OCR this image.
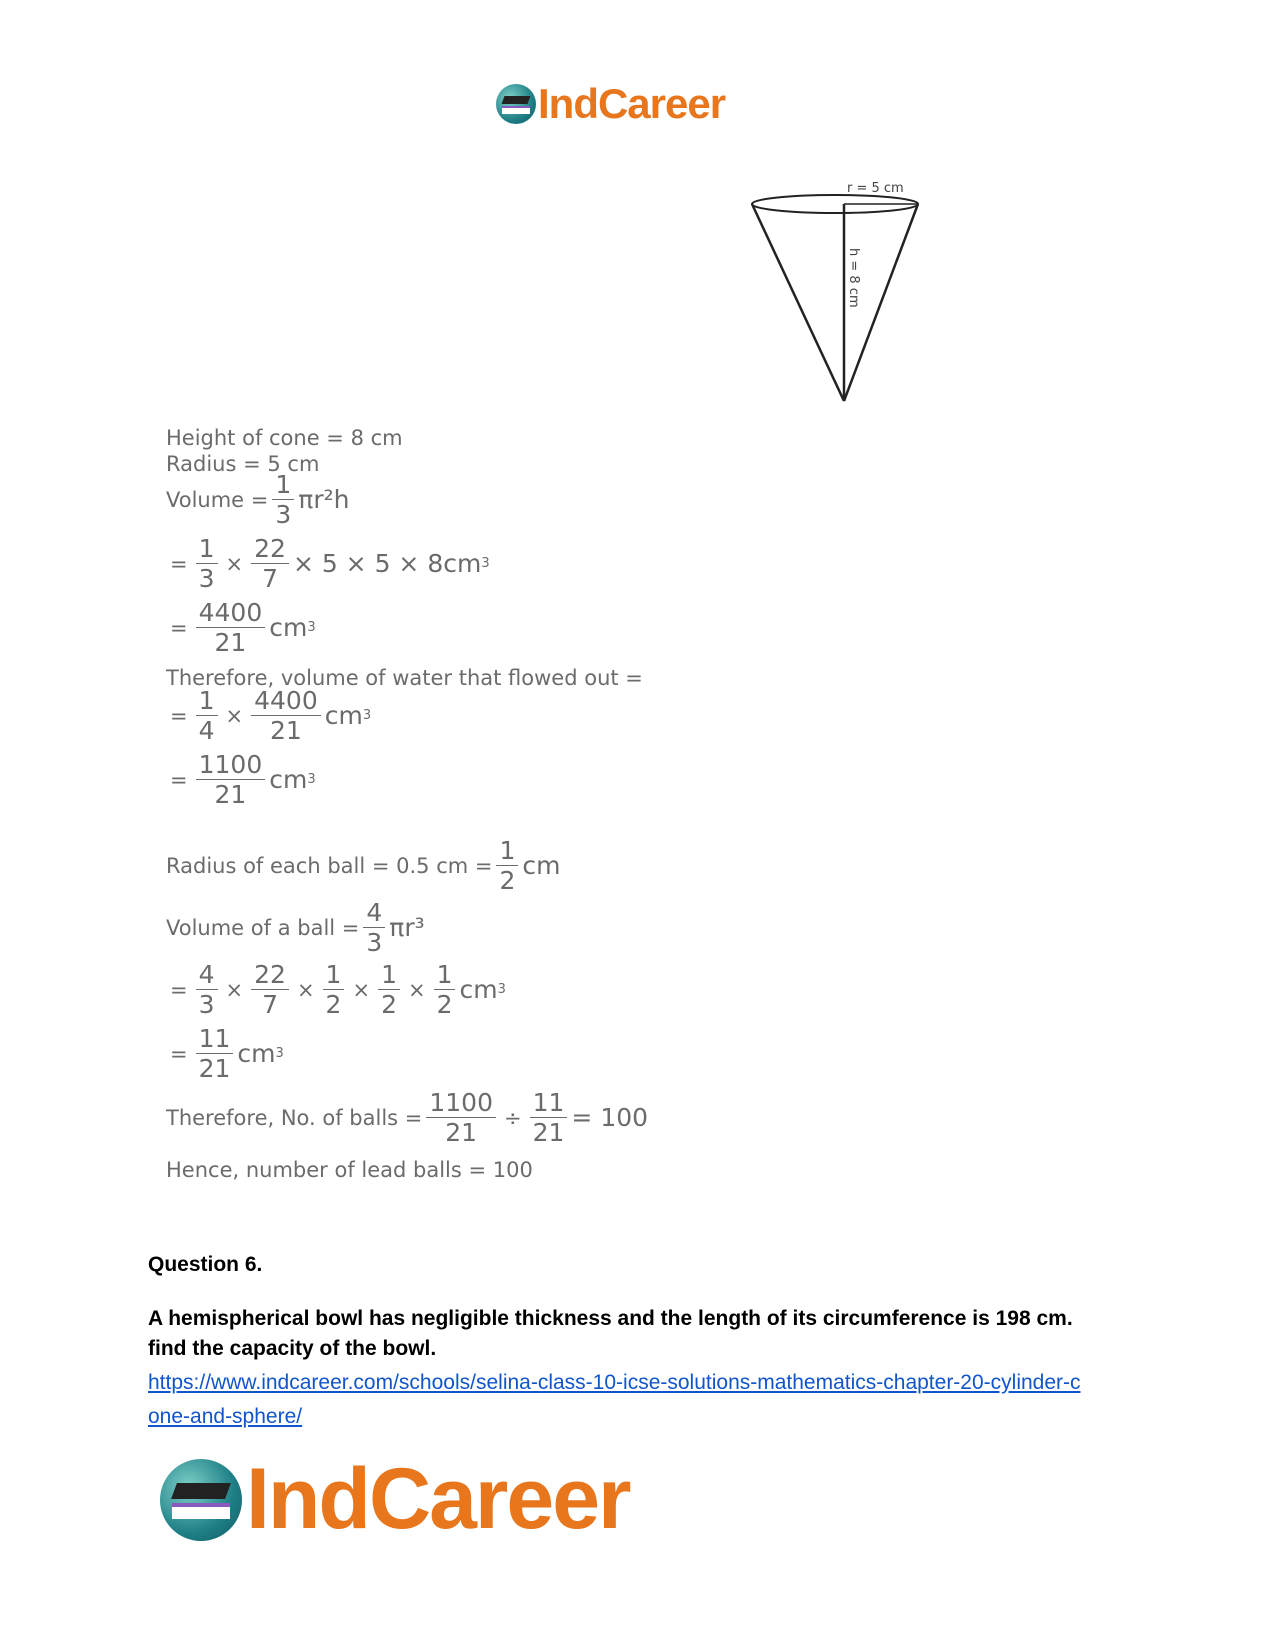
IndCareer
r = 5 cm
h = 8 cm
Height of cone = 8 cm
Radius = 5 cm
Volume = $\frac{1}{3} \pi r^2h$
= $\frac{1}{3} \times \frac{22}{7} \times 5 \times 5 \times 8cm$ 3
= $\frac{4400}{21}$ cm 3
Therefore, volume of water that flowed out =
= $\frac{1}{4} \times \frac{4400}{21}$ cm 3
= $\frac{1100}{21}$ cm 3
Radius of each ball = 0.5 cm = $\frac{1}{2}$ cm
Volume of a ball = $\frac{4}{3} \pi r^3$
= $\frac{4}{3} \times \frac{22}{7} \times \frac{1}{2} \times \frac{1}{2} \times \frac{1}{2}$ cm 3
= $\frac{11}{21}$ cm 3
Therefore, No. of balls = $\frac{1100}{21} \div \frac{11}{21} = 100$
Hence, number of lead balls = 100
Question 6.
A hemispherical bowl has negligible thickness and the length of its circumference is 198 cm. find the capacity of the bowl.
https://www.indcareer.com/schools/selina-class-10-icse-solutions-mathematics-chapter-20-cylinder-cone-and-sphere/
IndCareer
